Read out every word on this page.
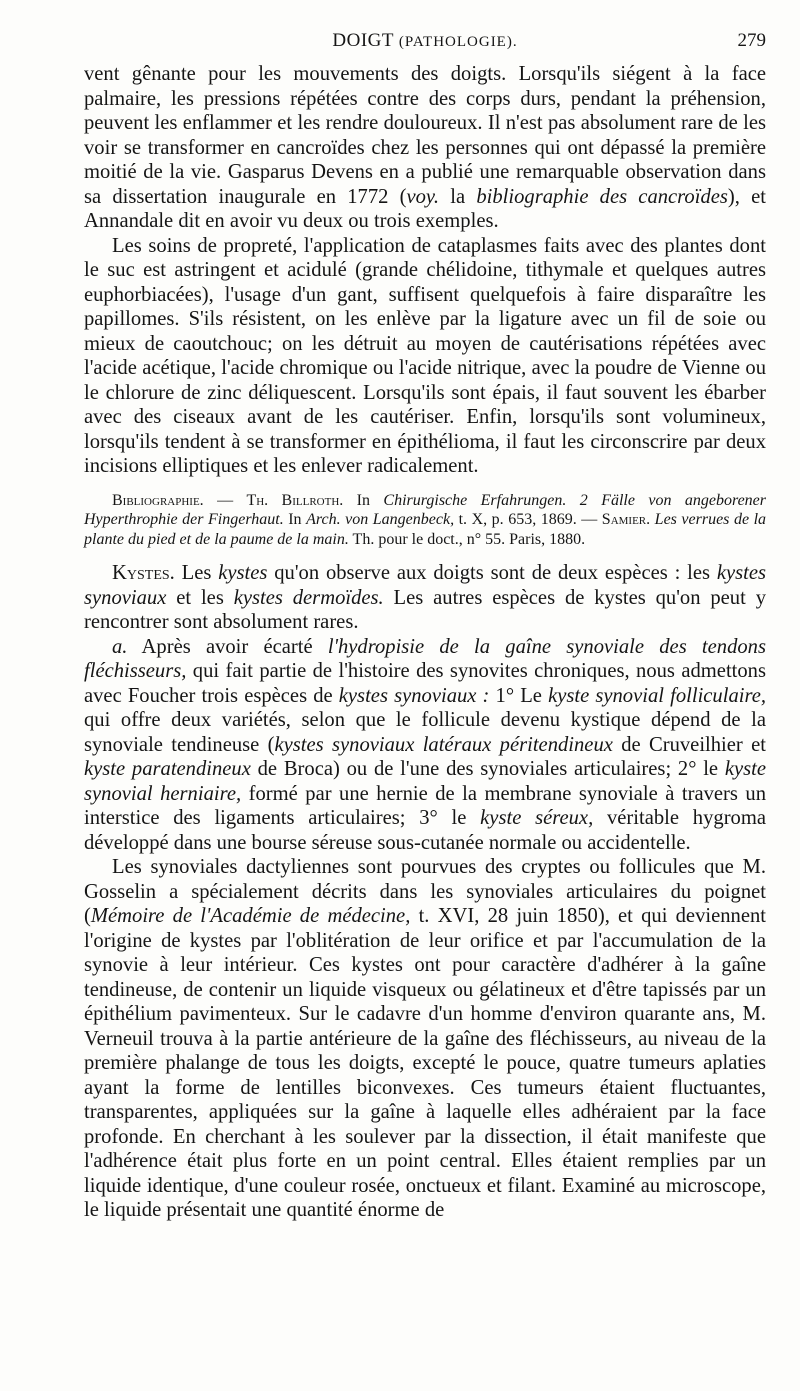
DOIGT (PATHOLOGIE).	279

vent gênante pour les mouvements des doigts. Lorsqu'ils siégent à la face palmaire, les pressions répétées contre des corps durs, pendant la préhension, peuvent les enflammer et les rendre douloureux. Il n'est pas absolument rare de les voir se transformer en cancroïdes chez les personnes qui ont dépassé la première moitié de la vie. Gasparus Devens en a publié une remarquable observation dans sa dissertation inaugurale en 1772 (voy. la bibliographie des cancroïdes), et Annandale dit en avoir vu deux ou trois exemples.

Les soins de propreté, l'application de cataplasmes faits avec des plantes dont le suc est astringent et acidulé (grande chélidoine, tithymale et quelques autres euphorbiacées), l'usage d'un gant, suffisent quelquefois à faire disparaître les papillomes. S'ils résistent, on les enlève par la ligature avec un fil de soie ou mieux de caoutchouc; on les détruit au moyen de cautérisations répétées avec l'acide acétique, l'acide chromique ou l'acide nitrique, avec la poudre de Vienne ou le chlorure de zinc déliquescent. Lorsqu'ils sont épais, il faut souvent les ébarber avec des ciseaux avant de les cautériser. Enfin, lorsqu'ils sont volumineux, lorsqu'ils tendent à se transformer en épithélioma, il faut les circonscrire par deux incisions elliptiques et les enlever radicalement.

Bibliographie. — Th. Billroth. In Chirurgische Erfahrungen. 2 Fälle von angeborener Hyperthrophie der Fingerhaut. In Arch. von Langenbeck, t. X, p. 653, 1869. — Samier. Les verrues de la plante du pied et de la paume de la main. Th. pour le doct., n° 55. Paris, 1880.

Kystes. Les kystes qu'on observe aux doigts sont de deux espèces : les kystes synoviaux et les kystes dermoïdes. Les autres espèces de kystes qu'on peut y rencontrer sont absolument rares.

a. Après avoir écarté l'hydropisie de la gaîne synoviale des tendons fléchisseurs, qui fait partie de l'histoire des synovites chroniques, nous admettons avec Foucher trois espèces de kystes synoviaux : 1° Le kyste synovial folliculaire, qui offre deux variétés, selon que le follicule devenu kystique dépend de la synoviale tendineuse (kystes synoviaux latéraux péritendineux de Cruveilhier et kyste paratendineux de Broca) ou de l'une des synoviales articulaires; 2° le kyste synovial herniaire, formé par une hernie de la membrane synoviale à travers un interstice des ligaments articulaires; 3° le kyste séreux, véritable hygroma développé dans une bourse séreuse sous-cutanée normale ou accidentelle.

Les synoviales dactyliennes sont pourvues des cryptes ou follicules que M. Gosselin a spécialement décrits dans les synoviales articulaires du poignet (Mémoire de l'Académie de médecine, t. XVI, 28 juin 1850), et qui deviennent l'origine de kystes par l'oblitération de leur orifice et par l'accumulation de la synovie à leur intérieur. Ces kystes ont pour caractère d'adhérer à la gaîne tendineuse, de contenir un liquide visqueux ou gélatineux et d'être tapissés par un épithélium pavimenteux. Sur le cadavre d'un homme d'environ quarante ans, M. Verneuil trouva à la partie antérieure de la gaîne des fléchisseurs, au niveau de la première phalange de tous les doigts, excepté le pouce, quatre tumeurs aplaties ayant la forme de lentilles biconvexes. Ces tumeurs étaient fluctuantes, transparentes, appliquées sur la gaîne à laquelle elles adhéraient par la face profonde. En cherchant à les soulever par la dissection, il était manifeste que l'adhérence était plus forte en un point central. Elles étaient remplies par un liquide identique, d'une couleur rosée, onctueux et filant. Examiné au microscope, le liquide présentait une quantité énorme de
